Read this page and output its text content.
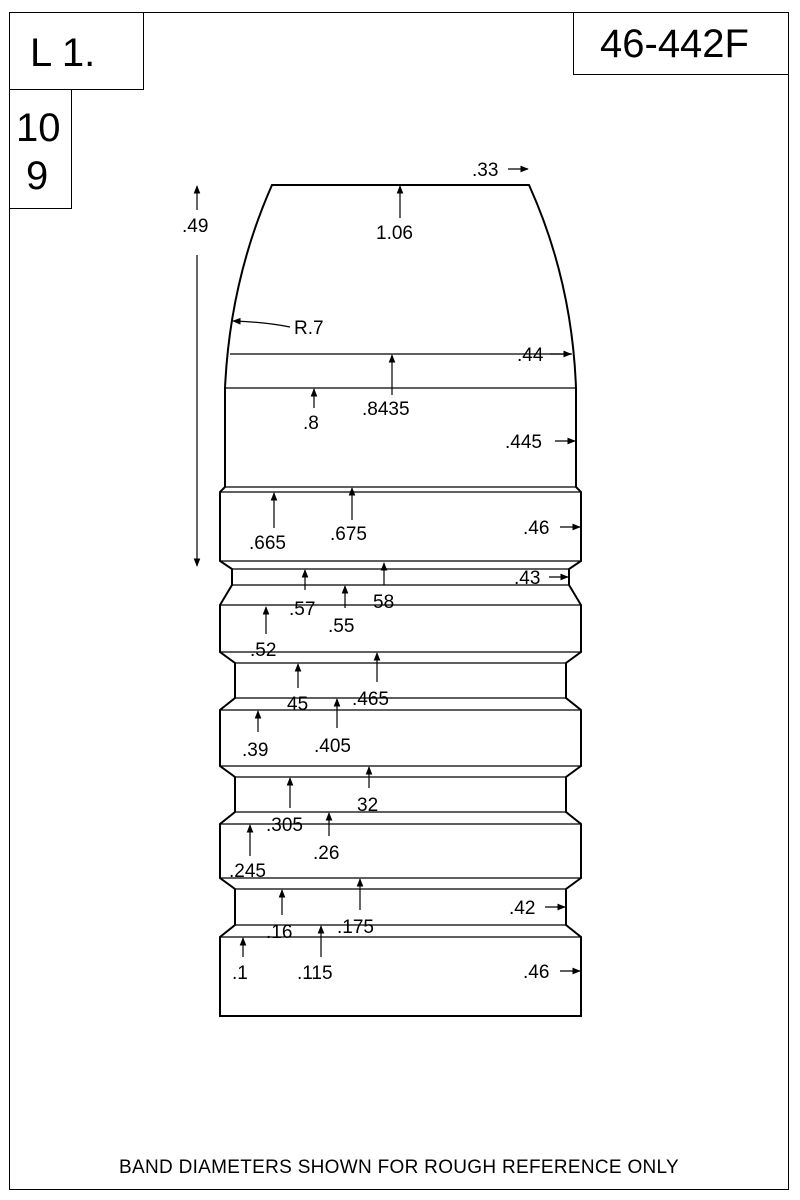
L 1.	46-442F
10
9
.49
.33
1.06
R.7
.44
.8435
.8
.445
.665 .675	.46
.43
.57	58
.55
.52
45 .465
.39 .405
32
.305
.26
.245
.42
.16 .175
.1	.115	.46
BAND DIAMETERS SHOWN FOR ROUGH REFERENCE ONLY
